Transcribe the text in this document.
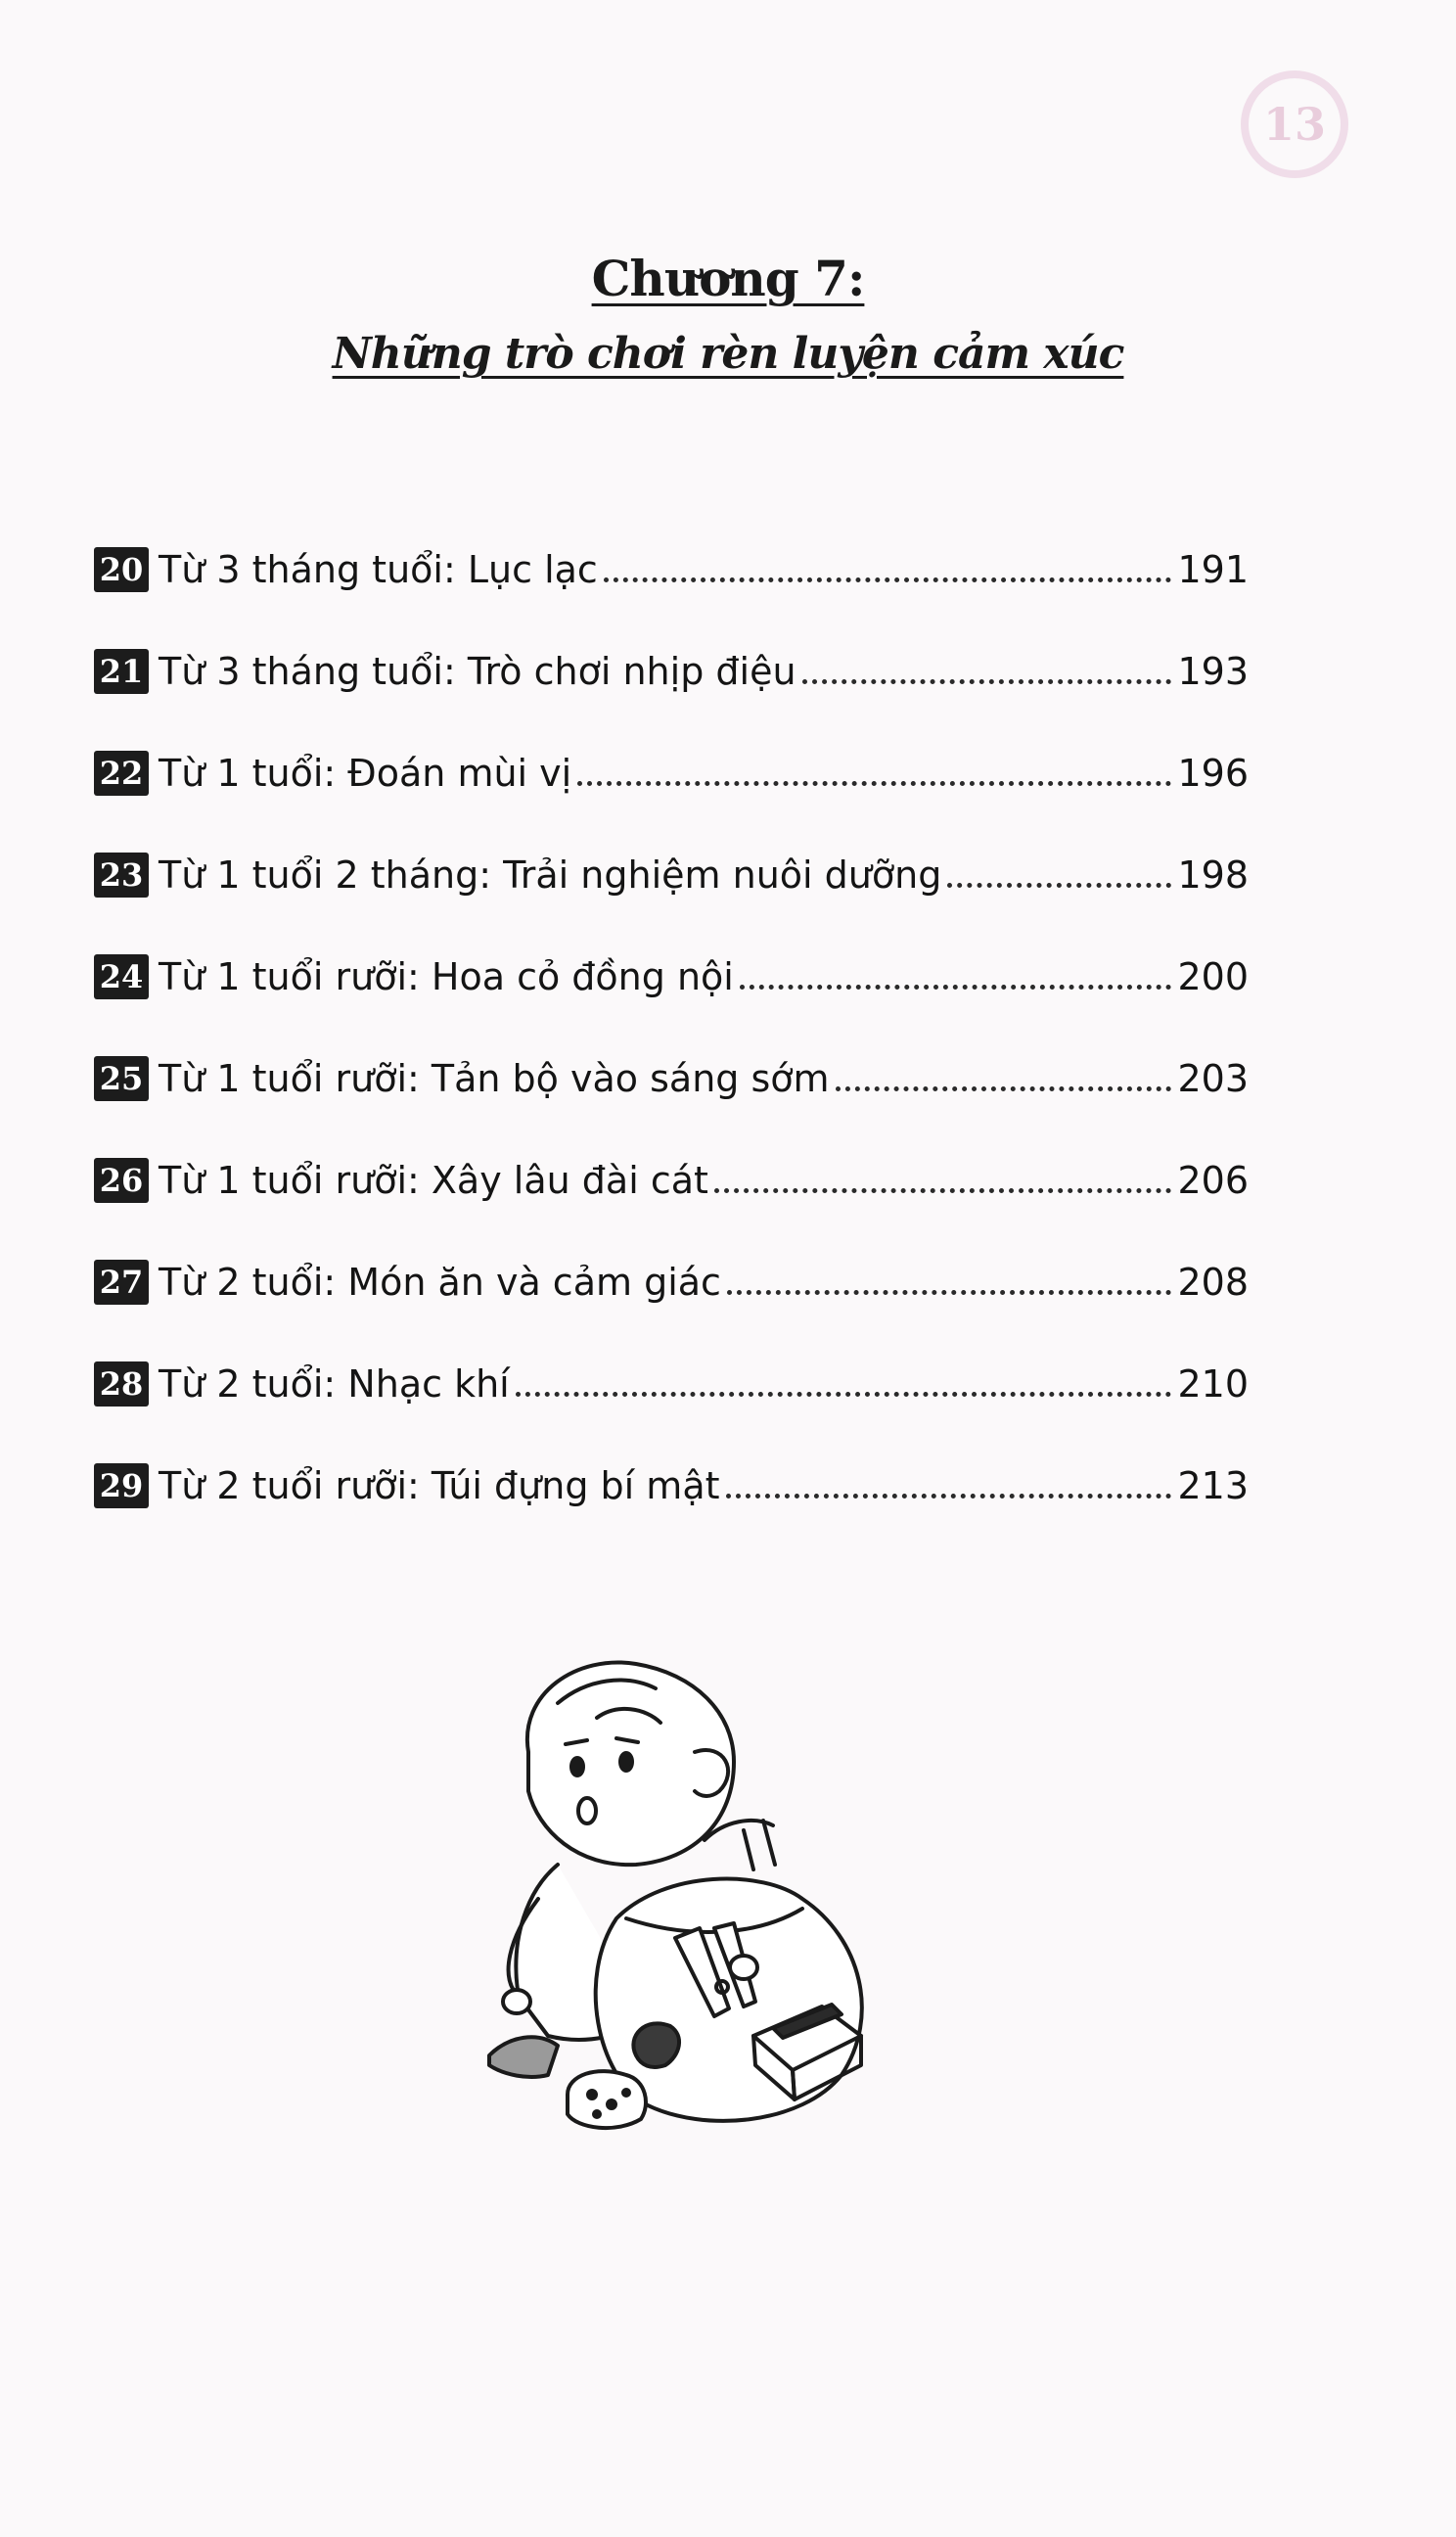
13
Chương 7:
Những trò chơi rèn luyện cảm xúc
20 Từ 3 tháng tuổi: Lục lạc	191
21 Từ 3 tháng tuổi: Trò chơi nhịp điệu	193
22 Từ 1 tuổi: Đoán mùi vị	196
23 Từ 1 tuổi 2 tháng: Trải nghiệm nuôi dưỡng	198
24 Từ 1 tuổi rưỡi: Hoa cỏ đồng nội	200
25 Từ 1 tuổi rưỡi: Tản bộ vào sáng sớm	203
26 Từ 1 tuổi rưỡi: Xây lâu đài cát	206
27 Từ 2 tuổi: Món ăn và cảm giác	208
28 Từ 2 tuổi: Nhạc khí	210
29 Từ 2 tuổi rưỡi: Túi đựng bí mật	213
